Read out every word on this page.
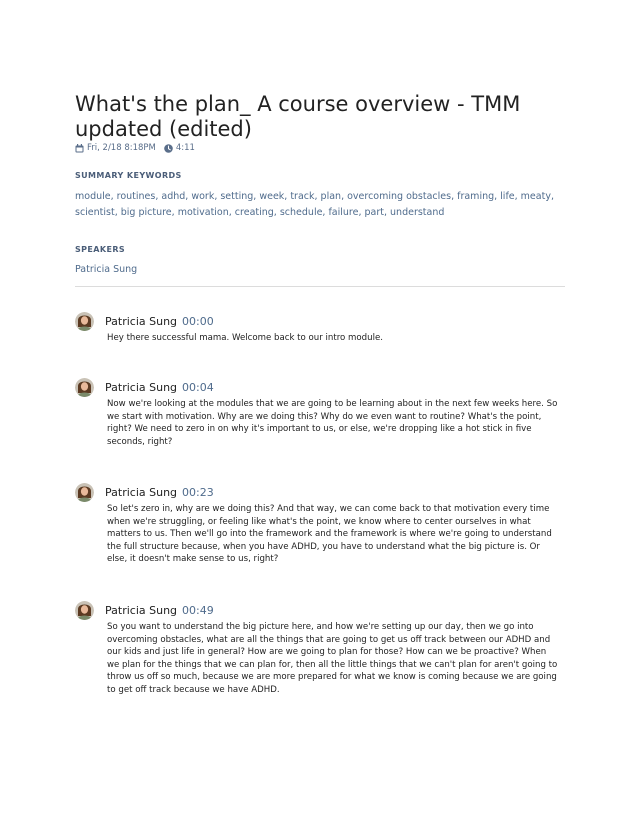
What's the plan_ A course overview - TMM updated (edited)
Fri, 2/18 8:18PM 4:11
SUMMARY KEYWORDS
module, routines, adhd, work, setting, week, track, plan, overcoming obstacles, framing, life, meaty, scientist, big picture, motivation, creating, schedule, failure, part, understand
SPEAKERS
Patricia Sung
Patricia Sung 00:00
Hey there successful mama. Welcome back to our intro module.
Patricia Sung 00:04
Now we're looking at the modules that we are going to be learning about in the next few weeks here. So we start with motivation. Why are we doing this? Why do we even want to routine? What's the point, right? We need to zero in on why it's important to us, or else, we're dropping like a hot stick in five seconds, right?
Patricia Sung 00:23
So let's zero in, why are we doing this? And that way, we can come back to that motivation every time when we're struggling, or feeling like what's the point, we know where to center ourselves in what matters to us. Then we'll go into the framework and the framework is where we're going to understand the full structure because, when you have ADHD, you have to understand what the big picture is. Or else, it doesn't make sense to us, right?
Patricia Sung 00:49
So you want to understand the big picture here, and how we're setting up our day, then we go into overcoming obstacles, what are all the things that are going to get us off track between our ADHD and our kids and just life in general? How are we going to plan for those? How can we be proactive? When we plan for the things that we can plan for, then all the little things that we can't plan for aren't going to throw us off so much, because we are more prepared for what we know is coming because we are going to get off track because we have ADHD.
